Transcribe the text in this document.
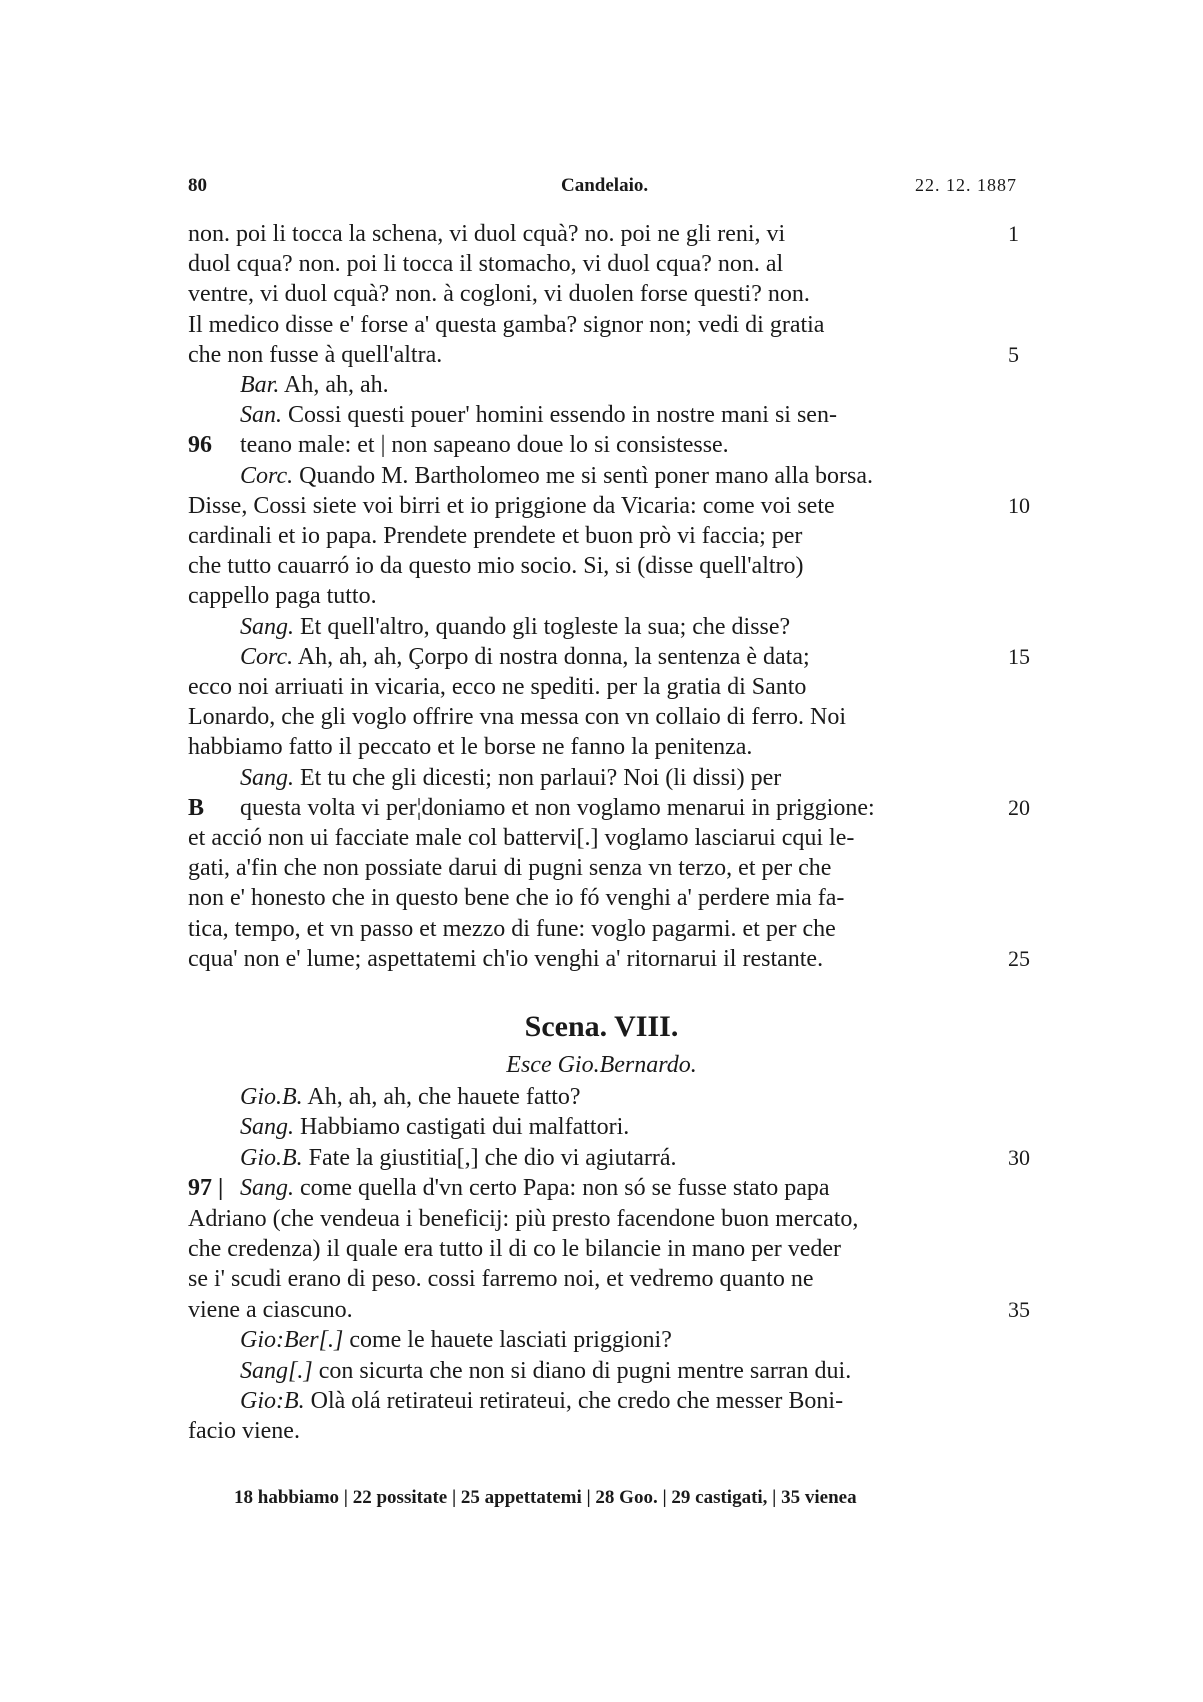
80	Candelaio.	22. 12. 1887
non. poi li tocca la schena, vi duol cquà? no. poi ne gli reni, vi	1
duol cqua? non. poi li tocca il stomacho, vi duol cqua? non. al
ventre, vi duol cquà? non. à cogloni, vi duolen forse questi? non.
Il medico disse e' forse a' questa gamba? signor non; vedi di gratia
che non fusse à quell'altra.	5
Bar. Ah, ah, ah.
San. Cossi questi pouer' homini essendo in nostre mani si sen-
teano male: et | non sapeano doue lo si consistesse.
96
Corc. Quando M. Bartholomeo me si sentì poner mano alla borsa.
Disse, Cossi siete voi birri et io priggione da Vicaria: come voi sete	10
cardinali et io papa. Prendete prendete et buon prò vi faccia; per
che tutto cauarró io da questo mio socio. Si, si (disse quell'altro)
cappello paga tutto.
Sang. Et quell'altro, quando gli togleste la sua; che disse?
Corc. Ah, ah, ah, Çorpo di nostra donna, la sentenza è data;	15
ecco noi arriuati in vicaria, ecco ne spediti. per la gratia di Santo
Lonardo, che gli voglo offrire vna messa con vn collaio di ferro. Noi
habbiamo fatto il peccato et le borse ne fanno la penitenza.
Sang. Et tu che gli dicesti; non parlaui? Noi (li dissi) per
questa volta vi per¦doniamo et non voglamo menarui in priggione:
B	20
et acció non ui facciate male col battervi[.] voglamo lasciarui cqui le-
gati, a'fin che non possiate darui di pugni senza vn terzo, et per che
non e' honesto che in questo bene che io fó venghi a' perdere mia fa-
tica, tempo, et vn passo et mezzo di fune: voglo pagarmi. et per che
cqua' non e' lume; aspettatemi ch'io venghi a' ritornarui il restante.	25
Scena. VIII.
Esce Gio.Bernardo.
Gio.B. Ah, ah, ah, che hauete fatto?
Sang. Habbiamo castigati dui malfattori.
Gio.B. Fate la giustitia[,] che dio vi agiutarrá.	30
Sang. come quella d'vn certo Papa: non só se fusse stato papa
97 |
Adriano (che vendeua i beneficij: più presto facendone buon mercato,
che credenza) il quale era tutto il di co le bilancie in mano per veder
se i' scudi erano di peso. cossi farremo noi, et vedremo quanto ne
viene a ciascuno.	35
Gio:Ber[.] come le hauete lasciati priggioni?
Sang[.] con sicurta che non si diano di pugni mentre sarran dui.
Gio:B. Olà olá retirateui retirateui, che credo che messer Boni-
facio viene.
18 habbiamo | 22 possitate | 25 appettatemi | 28 Goo. | 29 castigati, | 35 vienea
